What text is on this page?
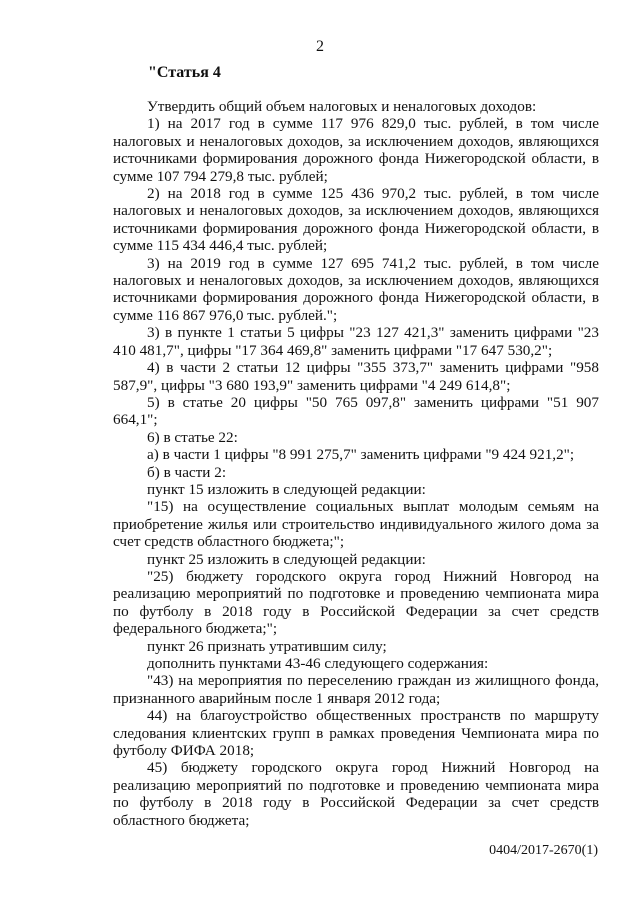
2
"Статья 4

Утвердить общий объем налоговых и неналоговых доходов:

1) на 2017 год в сумме 117 976 829,0 тыс. рублей, в том числе налоговых и неналоговых доходов, за исключением доходов, являющихся источниками формирования дорожного фонда Нижегородской области, в сумме 107 794 279,8 тыс. рублей;

2) на 2018 год в сумме 125 436 970,2 тыс. рублей, в том числе налоговых и неналоговых доходов, за исключением доходов, являющихся источниками формирования дорожного фонда Нижегородской области, в сумме 115 434 446,4 тыс. рублей;

3) на 2019 год в сумме 127 695 741,2 тыс. рублей, в том числе налоговых и неналоговых доходов, за исключением доходов, являющихся источниками формирования дорожного фонда Нижегородской области, в сумме 116 867 976,0 тыс. рублей.";

3) в пункте 1 статьи 5 цифры "23 127 421,3" заменить цифрами "23 410 481,7", цифры "17 364 469,8" заменить цифрами "17 647 530,2";

4) в части 2 статьи 12 цифры "355 373,7" заменить цифрами "958 587,9", цифры "3 680 193,9" заменить цифрами "4 249 614,8";

5) в статье 20 цифры "50 765 097,8" заменить цифрами "51 907 664,1";

6) в статье 22:

а) в части 1 цифры "8 991 275,7" заменить цифрами "9 424 921,2";

б) в части 2:

пункт 15 изложить в следующей редакции:

"15) на осуществление социальных выплат молодым семьям на приобретение жилья или строительство индивидуального жилого дома за счет средств областного бюджета;";

пункт 25 изложить в следующей редакции:

"25) бюджету городского округа город Нижний Новгород на реализацию мероприятий по подготовке и проведению чемпионата мира по футболу в 2018 году в Российской Федерации за счет средств федерального бюджета;";

пункт 26 признать утратившим силу;

дополнить пунктами 43-46 следующего содержания:

"43) на мероприятия по переселению граждан из жилищного фонда, признанного аварийным после 1 января 2012 года;

44) на благоустройство общественных пространств по маршруту следования клиентских групп в рамках проведения Чемпионата мира по футболу ФИФА 2018;

45) бюджету городского округа город Нижний Новгород на реализацию мероприятий по подготовке и проведению чемпионата мира по футболу в 2018 году в Российской Федерации за счет средств областного бюджета;

0404/2017-2670(1)
